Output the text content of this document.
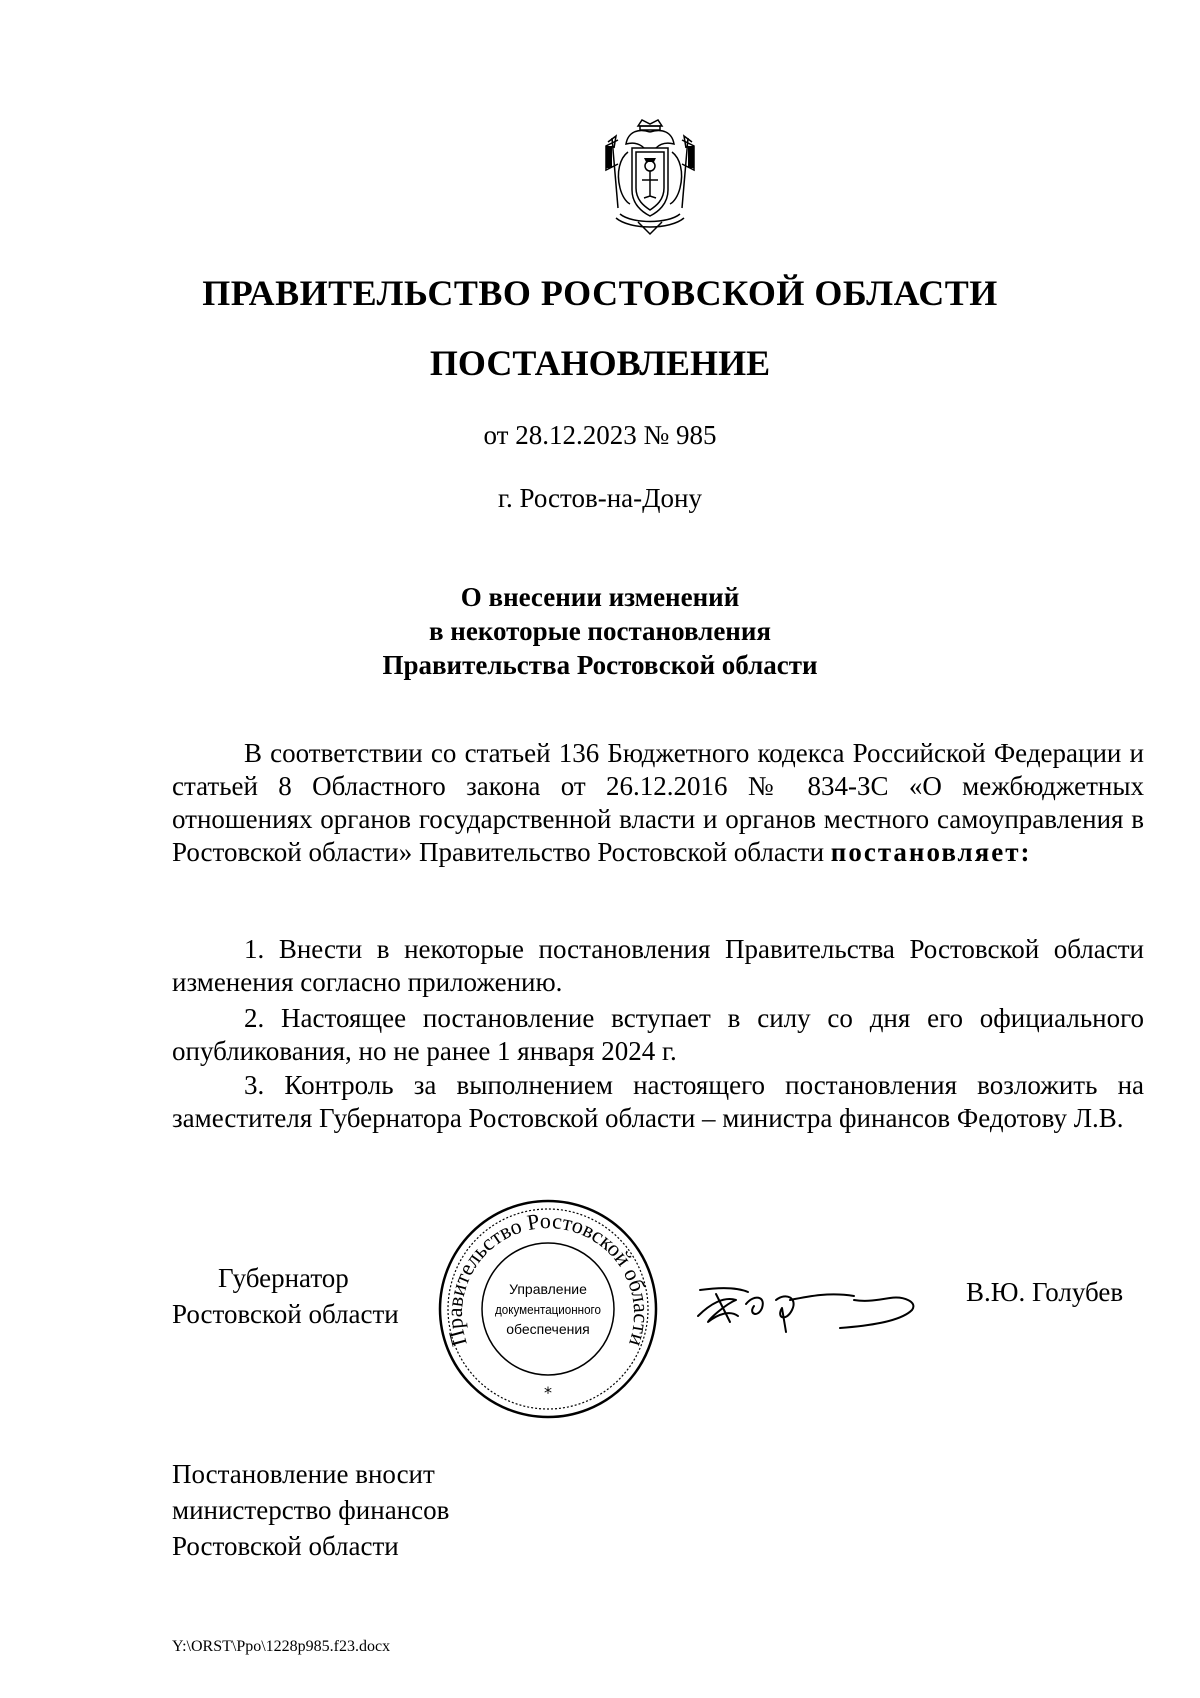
ПРАВИТЕЛЬСТВО РОСТОВСКОЙ ОБЛАСТИ
ПОСТАНОВЛЕНИЕ
от 28.12.2023 № 985
г. Ростов-на-Дону
О внесении изменений
в некоторые постановления
Правительства Ростовской области
В соответствии со статьей 136 Бюджетного кодекса Российской Федерации и статьей 8 Областного закона от 26.12.2016 № 834-ЗС «О межбюджетных отношениях органов государственной власти и органов местного самоуправления в Ростовской области» Правительство Ростовской области постановляет:
1. Внести в некоторые постановления Правительства Ростовской области изменения согласно приложению.
2. Настоящее постановление вступает в силу со дня его официального опубликования, но не ранее 1 января 2024 г.
3. Контроль за выполнением настоящего постановления возложить на заместителя Губернатора Ростовской области – министра финансов Федотову Л.В.
Губернатор
Ростовской области
Правительство Ростовской области
Управление
документационного
обеспечения
*
В.Ю. Голубев
Постановление вносит
министерство финансов
Ростовской области
Y:\ORST\Ppo\1228p985.f23.docx
